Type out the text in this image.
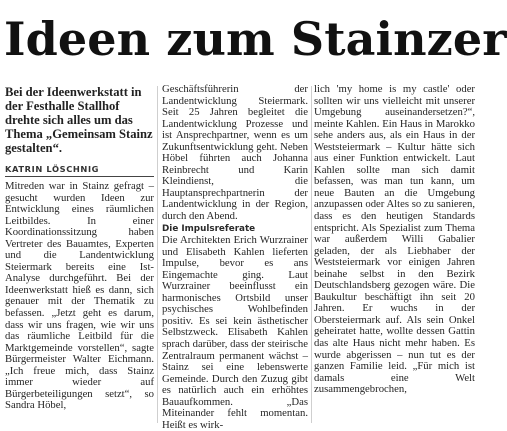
Ideen zum Stainzer

Bei der Ideenwerkstatt in der Festhalle Stallhof drehte sich alles um das Thema „Gemeinsam Stainz gestalten“.

KATRIN LÖSCHNIG

Mitreden war in Stainz gefragt – gesucht wurden Ideen zur Entwicklung eines räumlichen Leitbildes. In einer Koordinationssitzung haben Vertreter des Bauamtes, Experten und die Landentwicklung Steiermark bereits eine Ist-Analyse durchgeführt. Bei der Ideenwerkstatt hieß es dann, sich genauer mit der Thematik zu befassen. „Jetzt geht es darum, dass wir uns fragen, wie wir uns das räumliche Leitbild für die Marktgemeinde vorstellen“, sagte Bürgermeister Walter Eichmann. „Ich freue mich, dass Stainz immer wieder auf Bürgerbeteiligungen setzt“, so Sandra Höbel,

Geschäftsführerin der Landentwicklung Steiermark. Seit 25 Jahren begleitet die Landentwicklung Prozesse und ist Ansprechpartner, wenn es um Zukunftsentwicklung geht. Neben Höbel führten auch Johanna Reinbrecht und Karin Kleindienst, die Hauptansprechpartnerin der Landentwicklung in der Region, durch den Abend.

Die Impulsreferate

Die Architekten Erich Wurzrainer und Elisabeth Kahlen lieferten Impulse, bevor es ans Eingemachte ging. Laut Wurzrainer beeinflusst ein harmonisches Ortsbild unser psychisches Wohlbefinden positiv. Es sei kein ästhetischer Selbstzweck. Elisabeth Kahlen sprach darüber, dass der steirische Zentralraum permanent wächst – Stainz sei eine lebenswerte Gemeinde. Durch den Zuzug gibt es natürlich auch ein erhöhtes Bauaufkommen. „Das Miteinander fehlt momentan. Heißt es wirk-

lich 'my home is my castle' oder sollten wir uns vielleicht mit unserer Umgebung auseinandersetzen?“, meinte Kahlen. Ein Haus in Marokko sehe anders aus, als ein Haus in der Weststeiermark – Kultur hätte sich aus einer Funktion entwickelt. Laut Kahlen sollte man sich damit befassen, was man tun kann, um neue Bauten an die Umgebung anzupassen oder Altes so zu sanieren, dass es den heutigen Standards entspricht. Als Spezialist zum Thema war außerdem Willi Gabalier geladen, der als Liebhaber der Weststeiermark vor einigen Jahren beinahe selbst in den Bezirk Deutschlandsberg gezogen wäre. Die Baukultur beschäftigt ihn seit 20 Jahren. Er wuchs in der Obersteiermark auf. Als sein Onkel geheiratet hatte, wollte dessen Gattin das alte Haus nicht mehr haben. Es wurde abgerissen – nun tut es der ganzen Familie leid. „Für mich ist damals eine Welt zusammengebrochen,
